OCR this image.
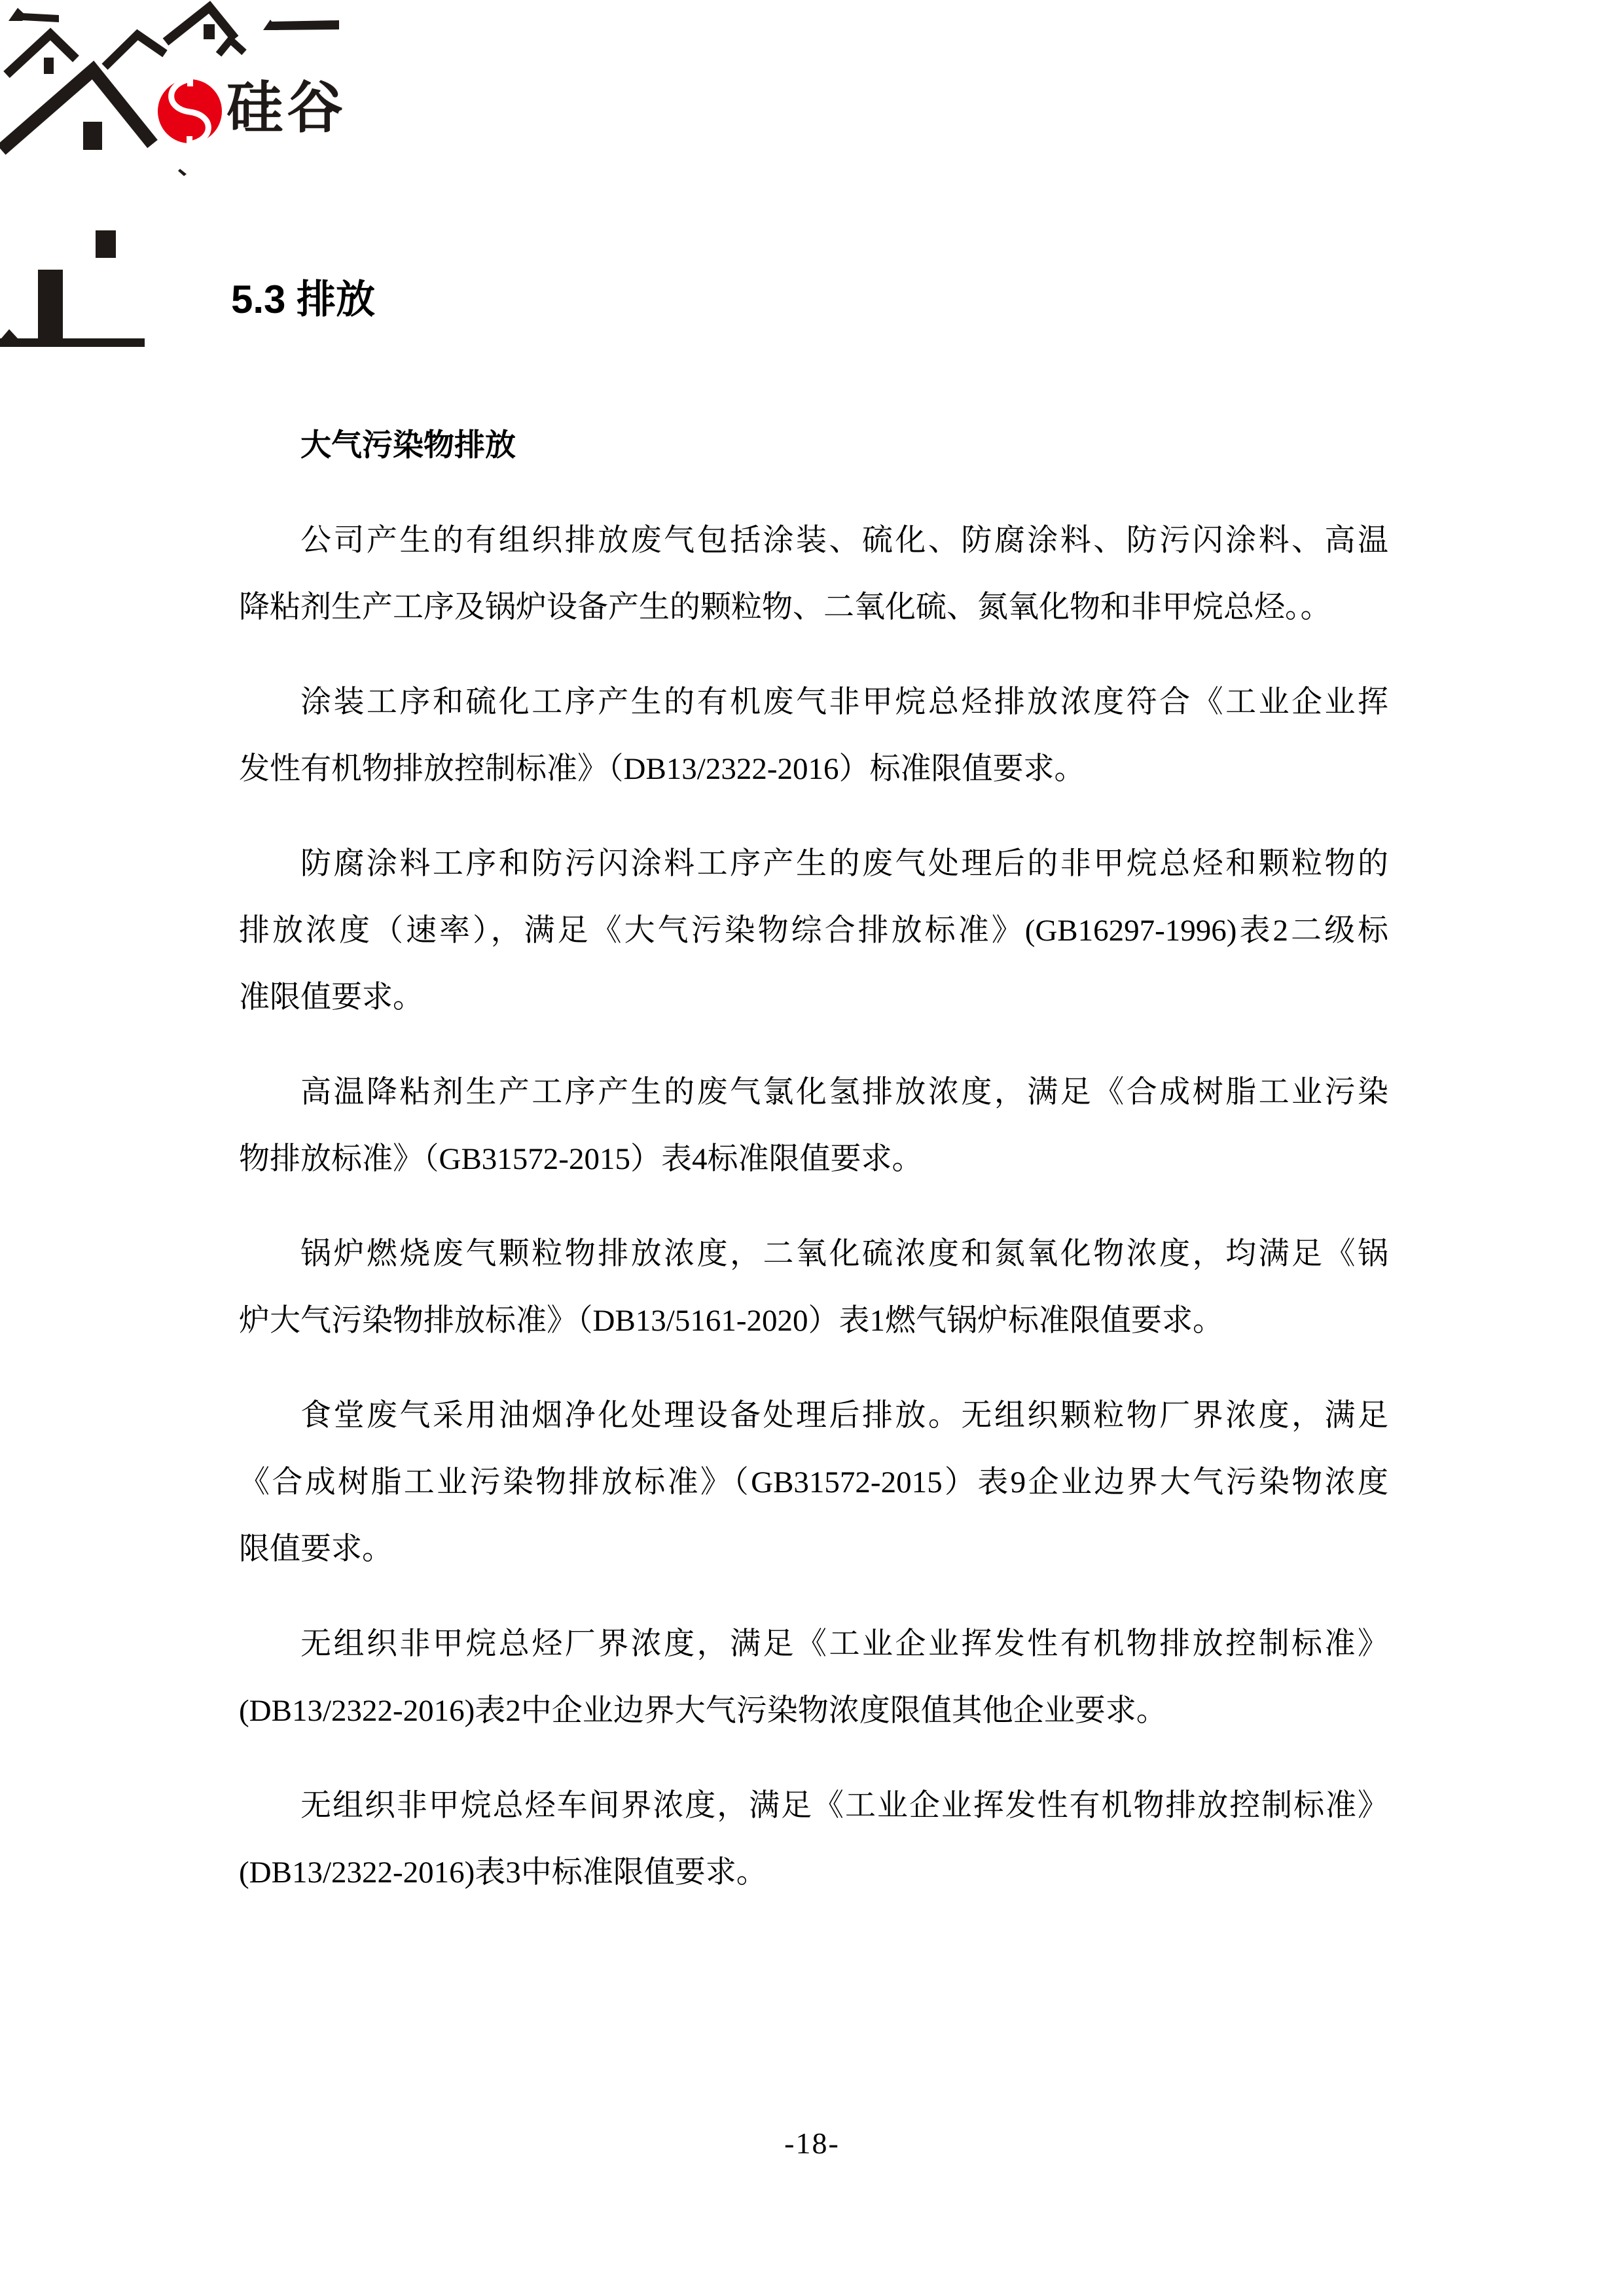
硅谷
5.3 排放
大气污染物排放
公司产生的有组织排放废气包括涂装、硫化、防腐涂料、防污闪涂料、高温
降粘剂生产工序及锅炉设备产生的颗粒物、二氧化硫、氮氧化物和非甲烷总烃。。
涂装工序和硫化工序产生的有机废气非甲烷总烃排放浓度符合《工业企业挥
发性有机物排放控制标准》（DB13/2322-2016）标准限值要求。
防腐涂料工序和防污闪涂料工序产生的废气处理后的非甲烷总烃和颗粒物的
排放浓度（速率），满足《大气污染物综合排放标准》(GB16297-1996)表2二级标
准限值要求。
高温降粘剂生产工序产生的废气氯化氢排放浓度，满足《合成树脂工业污染
物排放标准》（GB31572-2015）表4标准限值要求。
锅炉燃烧废气颗粒物排放浓度，二氧化硫浓度和氮氧化物浓度，均满足《锅
炉大气污染物排放标准》（DB13/5161-2020）表1燃气锅炉标准限值要求。
食堂废气采用油烟净化处理设备处理后排放。无组织颗粒物厂界浓度，满足
《合成树脂工业污染物排放标准》（GB31572-2015）表9企业边界大气污染物浓度
限值要求。
无组织非甲烷总烃厂界浓度，满足《工业企业挥发性有机物排放控制标准》
(DB13/2322-2016)表2中企业边界大气污染物浓度限值其他企业要求。
无组织非甲烷总烃车间界浓度，满足《工业企业挥发性有机物排放控制标准》
(DB13/2322-2016)表3中标准限值要求。
-18-
